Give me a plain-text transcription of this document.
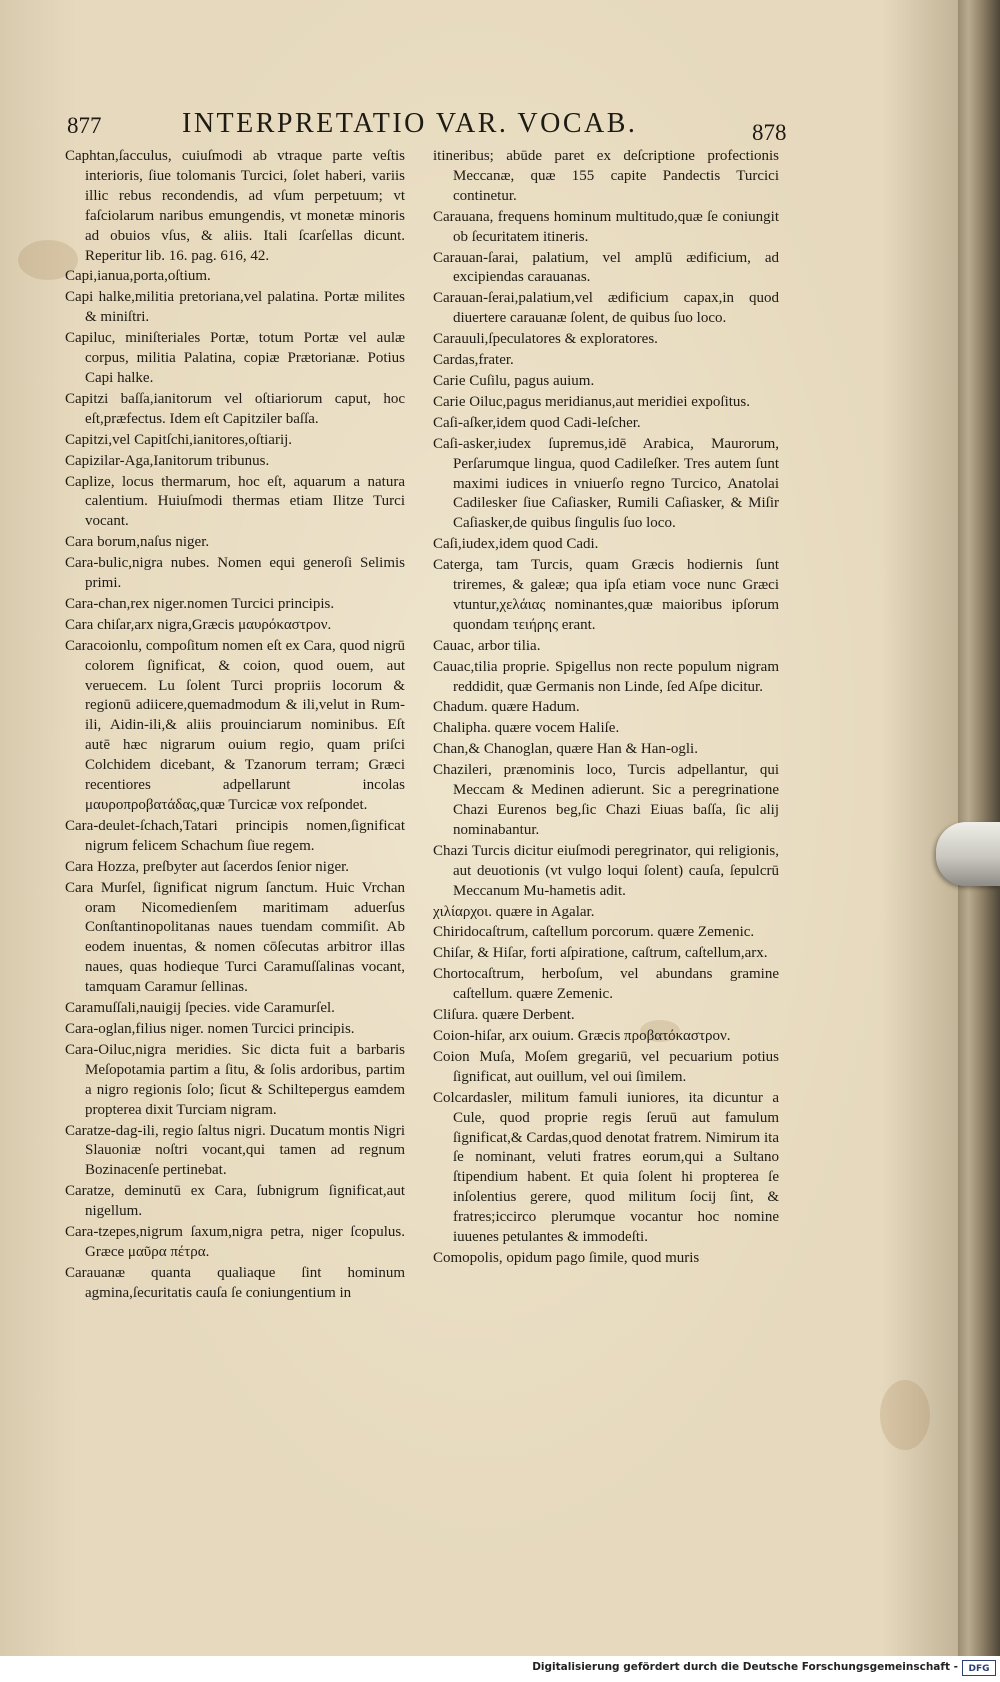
877	INTERPRETATIO VAR. VOCAB.	878

Caphtan,ſacculus, cuiuſmodi ab vtraque parte veſtis interioris, ſiue tolomanis Turcici, ſolet haberi, variis illic rebus recondendis, ad vſum perpetuum; vt faſciolarum naribus emungendis, vt monetæ minoris ad obuios vſus, & aliis. Itali ſcarſellas dicunt. Reperitur lib. 16. pag. 616, 42.

Capi,ianua,porta,oſtium.

Capi halke,militia pretoriana,vel palatina. Portæ milites & miniſtri.

Capiluc, miniſteriales Portæ, totum Portæ vel aulæ corpus, militia Palatina, copiæ Prætorianæ. Potius Capi halke.

Capitzi baſſa,ianitorum vel oſtiariorum caput, hoc eſt,præfectus. Idem eſt Capitziler baſſa.

Capitzi,vel Capitſchi,ianitores,oſtiarij.

Capizilar-Aga,Ianitorum tribunus.

Caplize, locus thermarum, hoc eſt, aquarum a natura calentium. Huiuſmodi thermas etiam Ilitze Turci vocant.

Cara borum,naſus niger.

Cara-bulic,nigra nubes. Nomen equi generoſi Selimis primi.

Cara-chan,rex niger.nomen Turcici principis.

Cara chiſar,arx nigra,Græcis μαυρόκαστρον.

Caracoionlu, compoſitum nomen eſt ex Cara, quod nigrū colorem ſignificat, & coion, quod ouem, aut veruecem. Lu ſolent Turci propriis locorum & regionū adiicere,quemadmodum & ili,velut in Rum-ili, Aidin-ili,& aliis prouinciarum nominibus. Eſt autē hæc nigrarum ouium regio, quam priſci Colchidem dicebant, & Tzanorum terram; Græci recentiores adpellarunt incolas μαυροπροβατάδας,quæ Turcicæ vox reſpondet.

Cara-deulet-ſchach,Tatari principis nomen,ſignificat nigrum felicem Schachum ſiue regem.

Cara Hozza, preſbyter aut ſacerdos ſenior niger.

Cara Murſel, ſignificat nigrum ſanctum. Huic Vrchan oram Nicomedienſem maritimam aduerſus Conſtantinopolitanas naues tuendam commiſit. Ab eodem inuentas, & nomen cōſecutas arbitror illas naues, quas hodieque Turci Caramuſſalinas vocant, tamquam Caramur ſellinas.

Caramuſſali,nauigij ſpecies. vide Caramurſel.

Cara-oglan,filius niger. nomen Turcici principis.

Cara-Oiluc,nigra meridies. Sic dicta fuit a barbaris Meſopotamia partim a ſitu, & ſolis ardoribus, partim a nigro regionis ſolo; ſicut & Schiltepergus eamdem propterea dixit Turciam nigram.

Caratze-dag-ili, regio ſaltus nigri. Ducatum montis Nigri Slauoniæ noſtri vocant,qui tamen ad regnum Bozinacenſe pertinebat.

Caratze, deminutū ex Cara, ſubnigrum ſignificat,aut nigellum.

Cara-tzepes,nigrum ſaxum,nigra petra, niger ſcopulus. Græce μαῦρα πέτρα.

Carauanæ quanta qualiaque ſint hominum agmina,ſecuritatis cauſa ſe coniungentium in

itineribus; abūde paret ex deſcriptione profectionis Meccanæ, quæ 155 capite Pandectis Turcici continetur.

Carauana, frequens hominum multitudo,quæ ſe coniungit ob ſecuritatem itineris.

Carauan-ſarai, palatium, vel amplū ædificium, ad excipiendas carauanas.

Carauan-ſerai,palatium,vel ædificium capax,in quod diuertere carauanæ ſolent, de quibus ſuo loco.

Carauuli,ſpeculatores & exploratores.

Cardas,frater.

Carie Cuſilu, pagus auium.

Carie Oiluc,pagus meridianus,aut meridiei expoſitus.

Caſi-aſker,idem quod Cadi-leſcher.

Caſi-asker,iudex ſupremus,idē Arabica, Maurorum, Perſarumque lingua, quod Cadileſker. Tres autem ſunt maximi iudices in vniuerſo regno Turcico, Anatolai Cadilesker ſiue Caſiasker, Rumili Caſiasker, & Miſir Caſiasker,de quibus ſingulis ſuo loco.

Caſi,iudex,idem quod Cadi.

Caterga, tam Turcis, quam Græcis hodiernis ſunt triremes, & galeæ; qua ipſa etiam voce nunc Græci vtuntur,χελάιας nominantes,quæ maioribus ipſorum quondam τειήρης erant.

Cauac, arbor tilia.

Cauac,tilia proprie. Spigellus non recte populum nigram reddidit, quæ Germanis non Linde, ſed Aſpe dicitur.

Chadum. quære Hadum.

Chalipha. quære vocem Haliſe.

Chan,& Chanoglan, quære Han & Han-ogli.

Chazileri, prænominis loco, Turcis adpellantur, qui Meccam & Medinen adierunt. Sic a peregrinatione Chazi Eurenos beg,ſic Chazi Eiuas baſſa, ſic alij nominabantur.

Chazi Turcis dicitur eiuſmodi peregrinator, qui religionis, aut deuotionis (vt vulgo loqui ſolent) cauſa, ſepulcrū Meccanum Mu-hametis adit.

χιλίαρχοι. quære in Agalar.

Chiridocaſtrum, caſtellum porcorum. quære Zemenic.

Chiſar, & Hiſar, forti aſpiratione, caſtrum, caſtellum,arx.

Chortocaſtrum, herboſum, vel abundans gramine caſtellum. quære Zemenic.

Cliſura. quære Derbent.

Coion-hiſar, arx ouium. Græcis προβατόκαστρον.

Coion Muſa, Moſem gregariū, vel pecuarium potius ſignificat, aut ouillum, vel oui ſimilem.

Colcardasler, militum famuli iuniores, ita dicuntur a Cule, quod proprie regis ſeruū aut famulum ſignificat,& Cardas,quod denotat fratrem. Nimirum ita ſe nominant, veluti fratres eorum,qui a Sultano ſtipendium habent. Et quia ſolent hi propterea ſe inſolentius gerere, quod militum ſocij ſint, & fratres;iccirco plerumque vocantur hoc nomine iuuenes petulantes & immodeſti.

Comopolis, opidum pago ſimile, quod muris

Digitalisierung gefördert durch die Deutsche Forschungsgemeinschaft -	DFG
